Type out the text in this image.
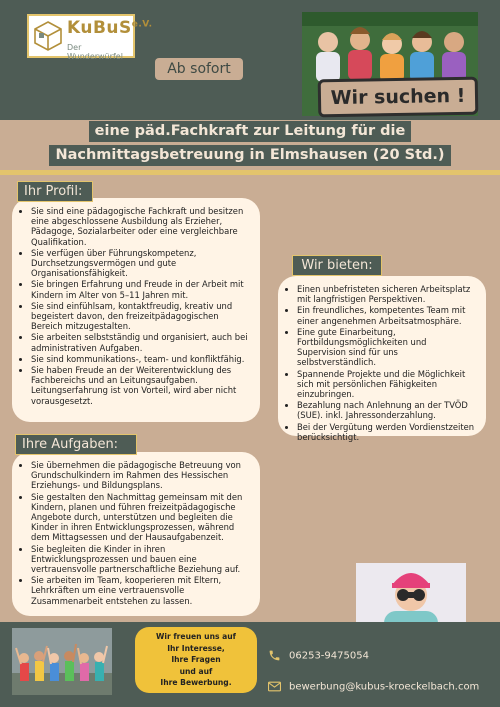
KuBuS$^{e.V.}$
Der Wunderwürfel
Ab sofort
Wir suchen !
eine päd.Fachkraft zur Leitung für die
Nachmittagsbetreuung in Elmshausen (20 Std.)
• Sie sind eine pädagogische Fachkraft und besitzen eine abgeschlossene Ausbildung als Erzieher, Pädagoge, Sozialarbeiter oder eine vergleichbare Qualifikation.
• Sie verfügen über Führungskompetenz, Durchsetzungsvermögen und gute Organisationsfähigkeit.
• Sie bringen Erfahrung und Freude in der Arbeit mit Kindern im Alter von 5–11 Jahren mit.
• Sie sind einfühlsam, kontaktfreudig, kreativ und begeistert davon, den freizeitpädagogischen Bereich mitzugestalten.
• Sie arbeiten selbstständig und organisiert, auch bei administrativen Aufgaben.
• Sie sind kommunikations-, team- und konfliktfähig.
• Sie haben Freude an der Weiterentwicklung des Fachbereichs und an Leitungsaufgaben. Leitungserfahrung ist von Vorteil, wird aber nicht vorausgesetzt.
Ihr Profil:
• Einen unbefristeten sicheren Arbeitsplatz mit langfristigen Perspektiven.
• Ein freundliches, kompetentes Team mit einer angenehmen Arbeitsatmosphäre.
• Eine gute Einarbeitung, Fortbildungsmöglichkeiten und Supervision sind für uns selbstverständlich.
• Spannende Projekte und die Möglichkeit sich mit persönlichen Fähigkeiten einzubringen.
• Bezahlung nach Anlehnung an der TVÖD (SUE). inkl. Jahressonderzahlung.
• Bei der Vergütung werden Vordienstzeiten berücksichtigt.
Wir bieten:
• Sie übernehmen die pädagogische Betreuung von Grundschulkindern im Rahmen des Hessischen Erziehungs- und Bildungsplans.
• Sie gestalten den Nachmittag gemeinsam mit den Kindern, planen und führen freizeitpädagogische Angebote durch, unterstützen und begleiten die Kinder in ihren Entwicklungsprozessen, während dem Mittagsessen und der Hausaufgabenzeit.
• Sie begleiten die Kinder in ihren Entwicklungsprozessen und bauen eine vertrauensvolle partnerschaftliche Beziehung auf.
• Sie arbeiten im Team, kooperieren mit Eltern, Lehrkräften um eine vertrauensvolle Zusammenarbeit entstehen zu lassen.
Ihre Aufgaben:
Wir freuen uns auf
Ihr Interesse,
Ihre Fragen
und auf
Ihre Bewerbung.
06253-9475054
bewerbung@kubus-kroeckelbach.com
